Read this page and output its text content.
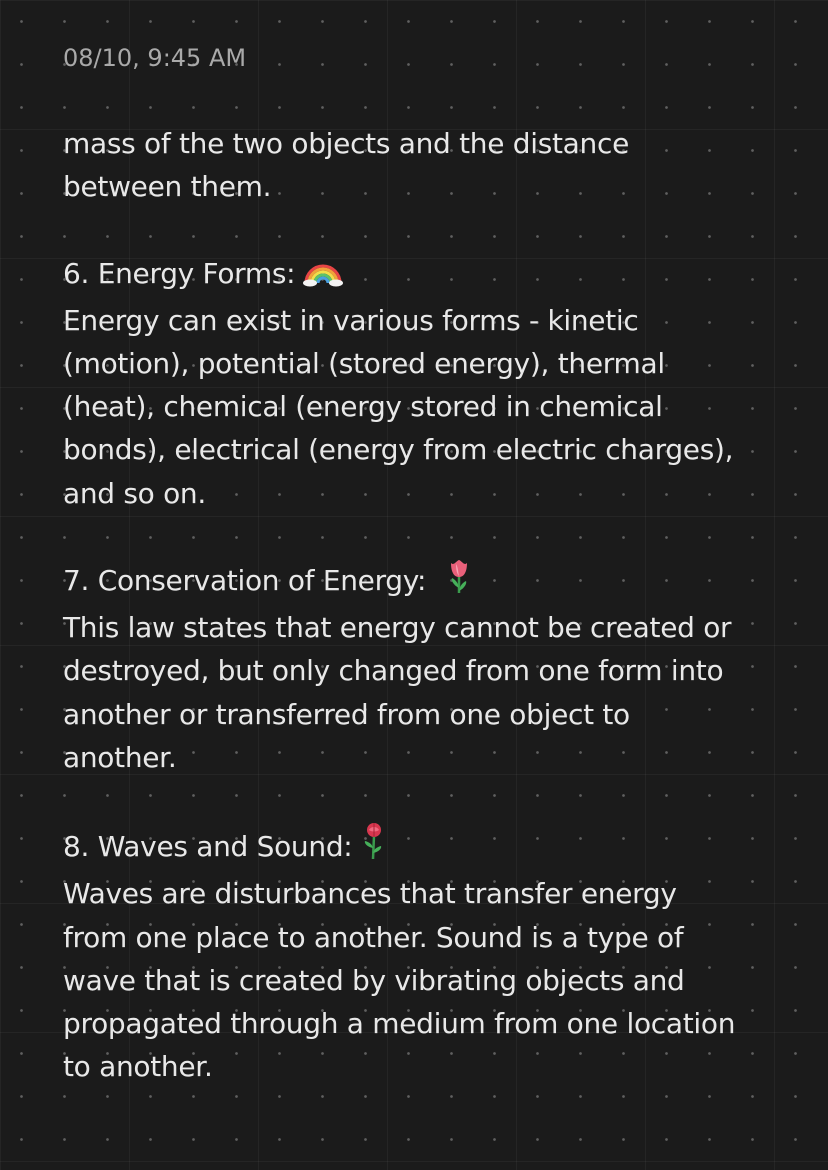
08/10, 9:45 AM
mass of the two objects and the distance
between them.
6. Energy Forms:
Energy can exist in various forms - kinetic
(motion), potential (stored energy), thermal
(heat), chemical (energy stored in chemical
bonds), electrical (energy from electric charges),
and so on.
7. Conservation of Energy:
This law states that energy cannot be created or
destroyed, but only changed from one form into
another or transferred from one object to
another.
8. Waves and Sound:
Waves are disturbances that transfer energy
from one place to another. Sound is a type of
wave that is created by vibrating objects and
propagated through a medium from one location
to another.
